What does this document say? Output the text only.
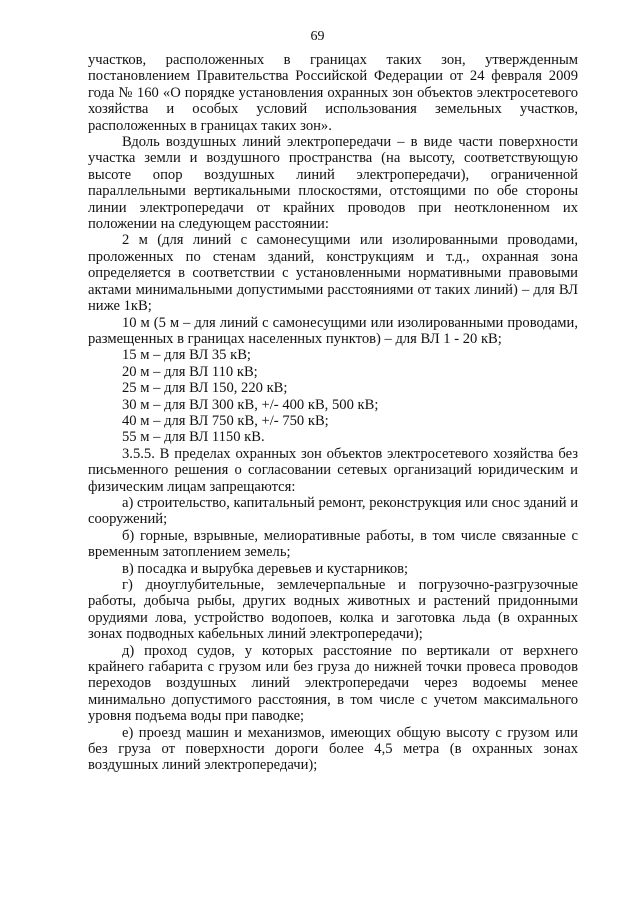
69

участков, расположенных в границах таких зон, утвержденным постановлением Правительства Российской Федерации от 24 февраля 2009 года № 160 «О порядке установления охранных зон объектов электросетевого хозяйства и особых условий использования земельных участков, расположенных в границах таких зон».

Вдоль воздушных линий электропередачи – в виде части поверхности участка земли и воздушного пространства (на высоту, соответствующую высоте опор воздушных линий электропередачи), ограниченной параллельными вертикальными плоскостями, отстоящими по обе стороны линии электропередачи от крайних проводов при неотклоненном их положении на следующем расстоянии:

2 м (для линий с самонесущими или изолированными проводами, проложенных по стенам зданий, конструкциям и т.д., охранная зона определяется в соответствии с установленными нормативными правовыми актами минимальными допустимыми расстояниями от таких линий) – для ВЛ ниже 1кВ;

10 м (5 м – для линий с самонесущими или изолированными проводами, размещенных в границах населенных пунктов) – для ВЛ 1 - 20 кВ;

15 м – для ВЛ 35 кВ;

20 м – для ВЛ 110 кВ;

25 м – для ВЛ 150, 220 кВ;

30 м – для ВЛ 300 кВ, +/- 400 кВ, 500 кВ;

40 м – для ВЛ 750 кВ, +/- 750 кВ;

55 м – для ВЛ 1150 кВ.

3.5.5. В пределах охранных зон объектов электросетевого хозяйства без письменного решения о согласовании сетевых организаций юридическим и физическим лицам запрещаются:

а) строительство, капитальный ремонт, реконструкция или снос зданий и сооружений;

б) горные, взрывные, мелиоративные работы, в том числе связанные с временным затоплением земель;

в) посадка и вырубка деревьев и кустарников;

г) дноуглубительные, землечерпальные и погрузочно-разгрузочные работы, добыча рыбы, других водных животных и растений придонными орудиями лова, устройство водопоев, колка и заготовка льда (в охранных зонах подводных кабельных линий электропередачи);

д) проход судов, у которых расстояние по вертикали от верхнего крайнего габарита с грузом или без груза до нижней точки провеса проводов переходов воздушных линий электропередачи через водоемы менее минимально допустимого расстояния, в том числе с учетом максимального уровня подъема воды при паводке;

е) проезд машин и механизмов, имеющих общую высоту с грузом или без груза от поверхности дороги более 4,5 метра (в охранных зонах воздушных линий электропередачи);
